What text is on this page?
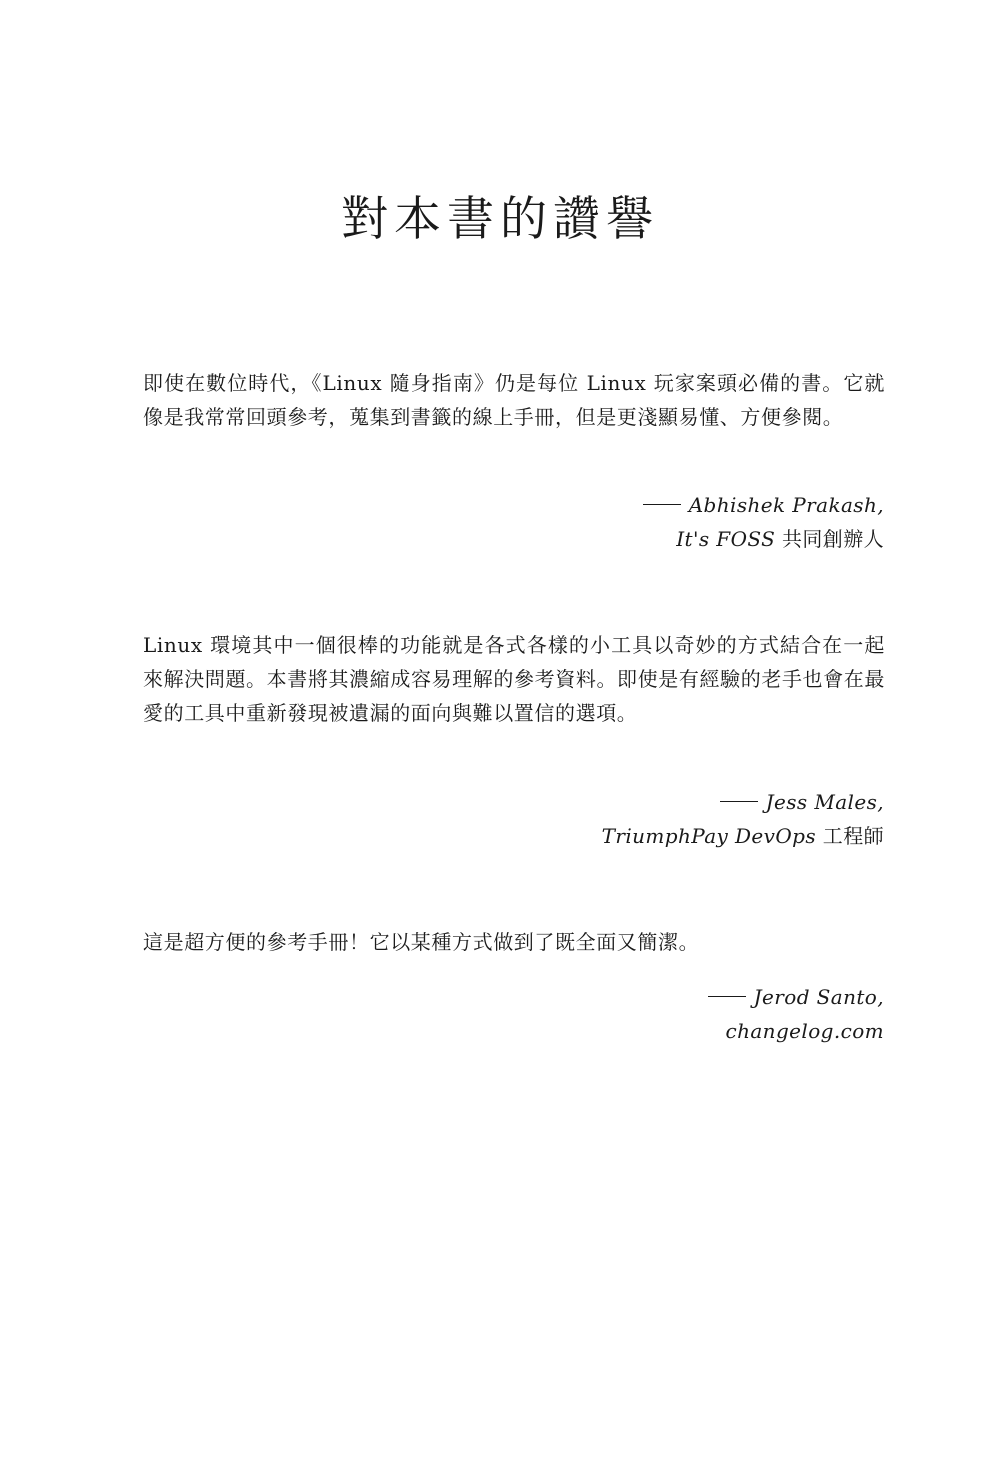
對本書的讚譽

即使在數位時代，《Linux 隨身指南》仍是每位 Linux 玩家案頭必備的書。它就像是我常常回頭參考，蒐集到書籤的線上手冊，但是更淺顯易懂、方便參閱。

Abhishek Prakash,
It's FOSS 共同創辦人

Linux 環境其中一個很棒的功能就是各式各樣的小工具以奇妙的方式結合在一起來解決問題。本書將其濃縮成容易理解的參考資料。即使是有經驗的老手也會在最愛的工具中重新發現被遺漏的面向與難以置信的選項。

Jess Males,
TriumphPay DevOps 工程師

這是超方便的參考手冊！它以某種方式做到了既全面又簡潔。

Jerod Santo,
changelog.com
